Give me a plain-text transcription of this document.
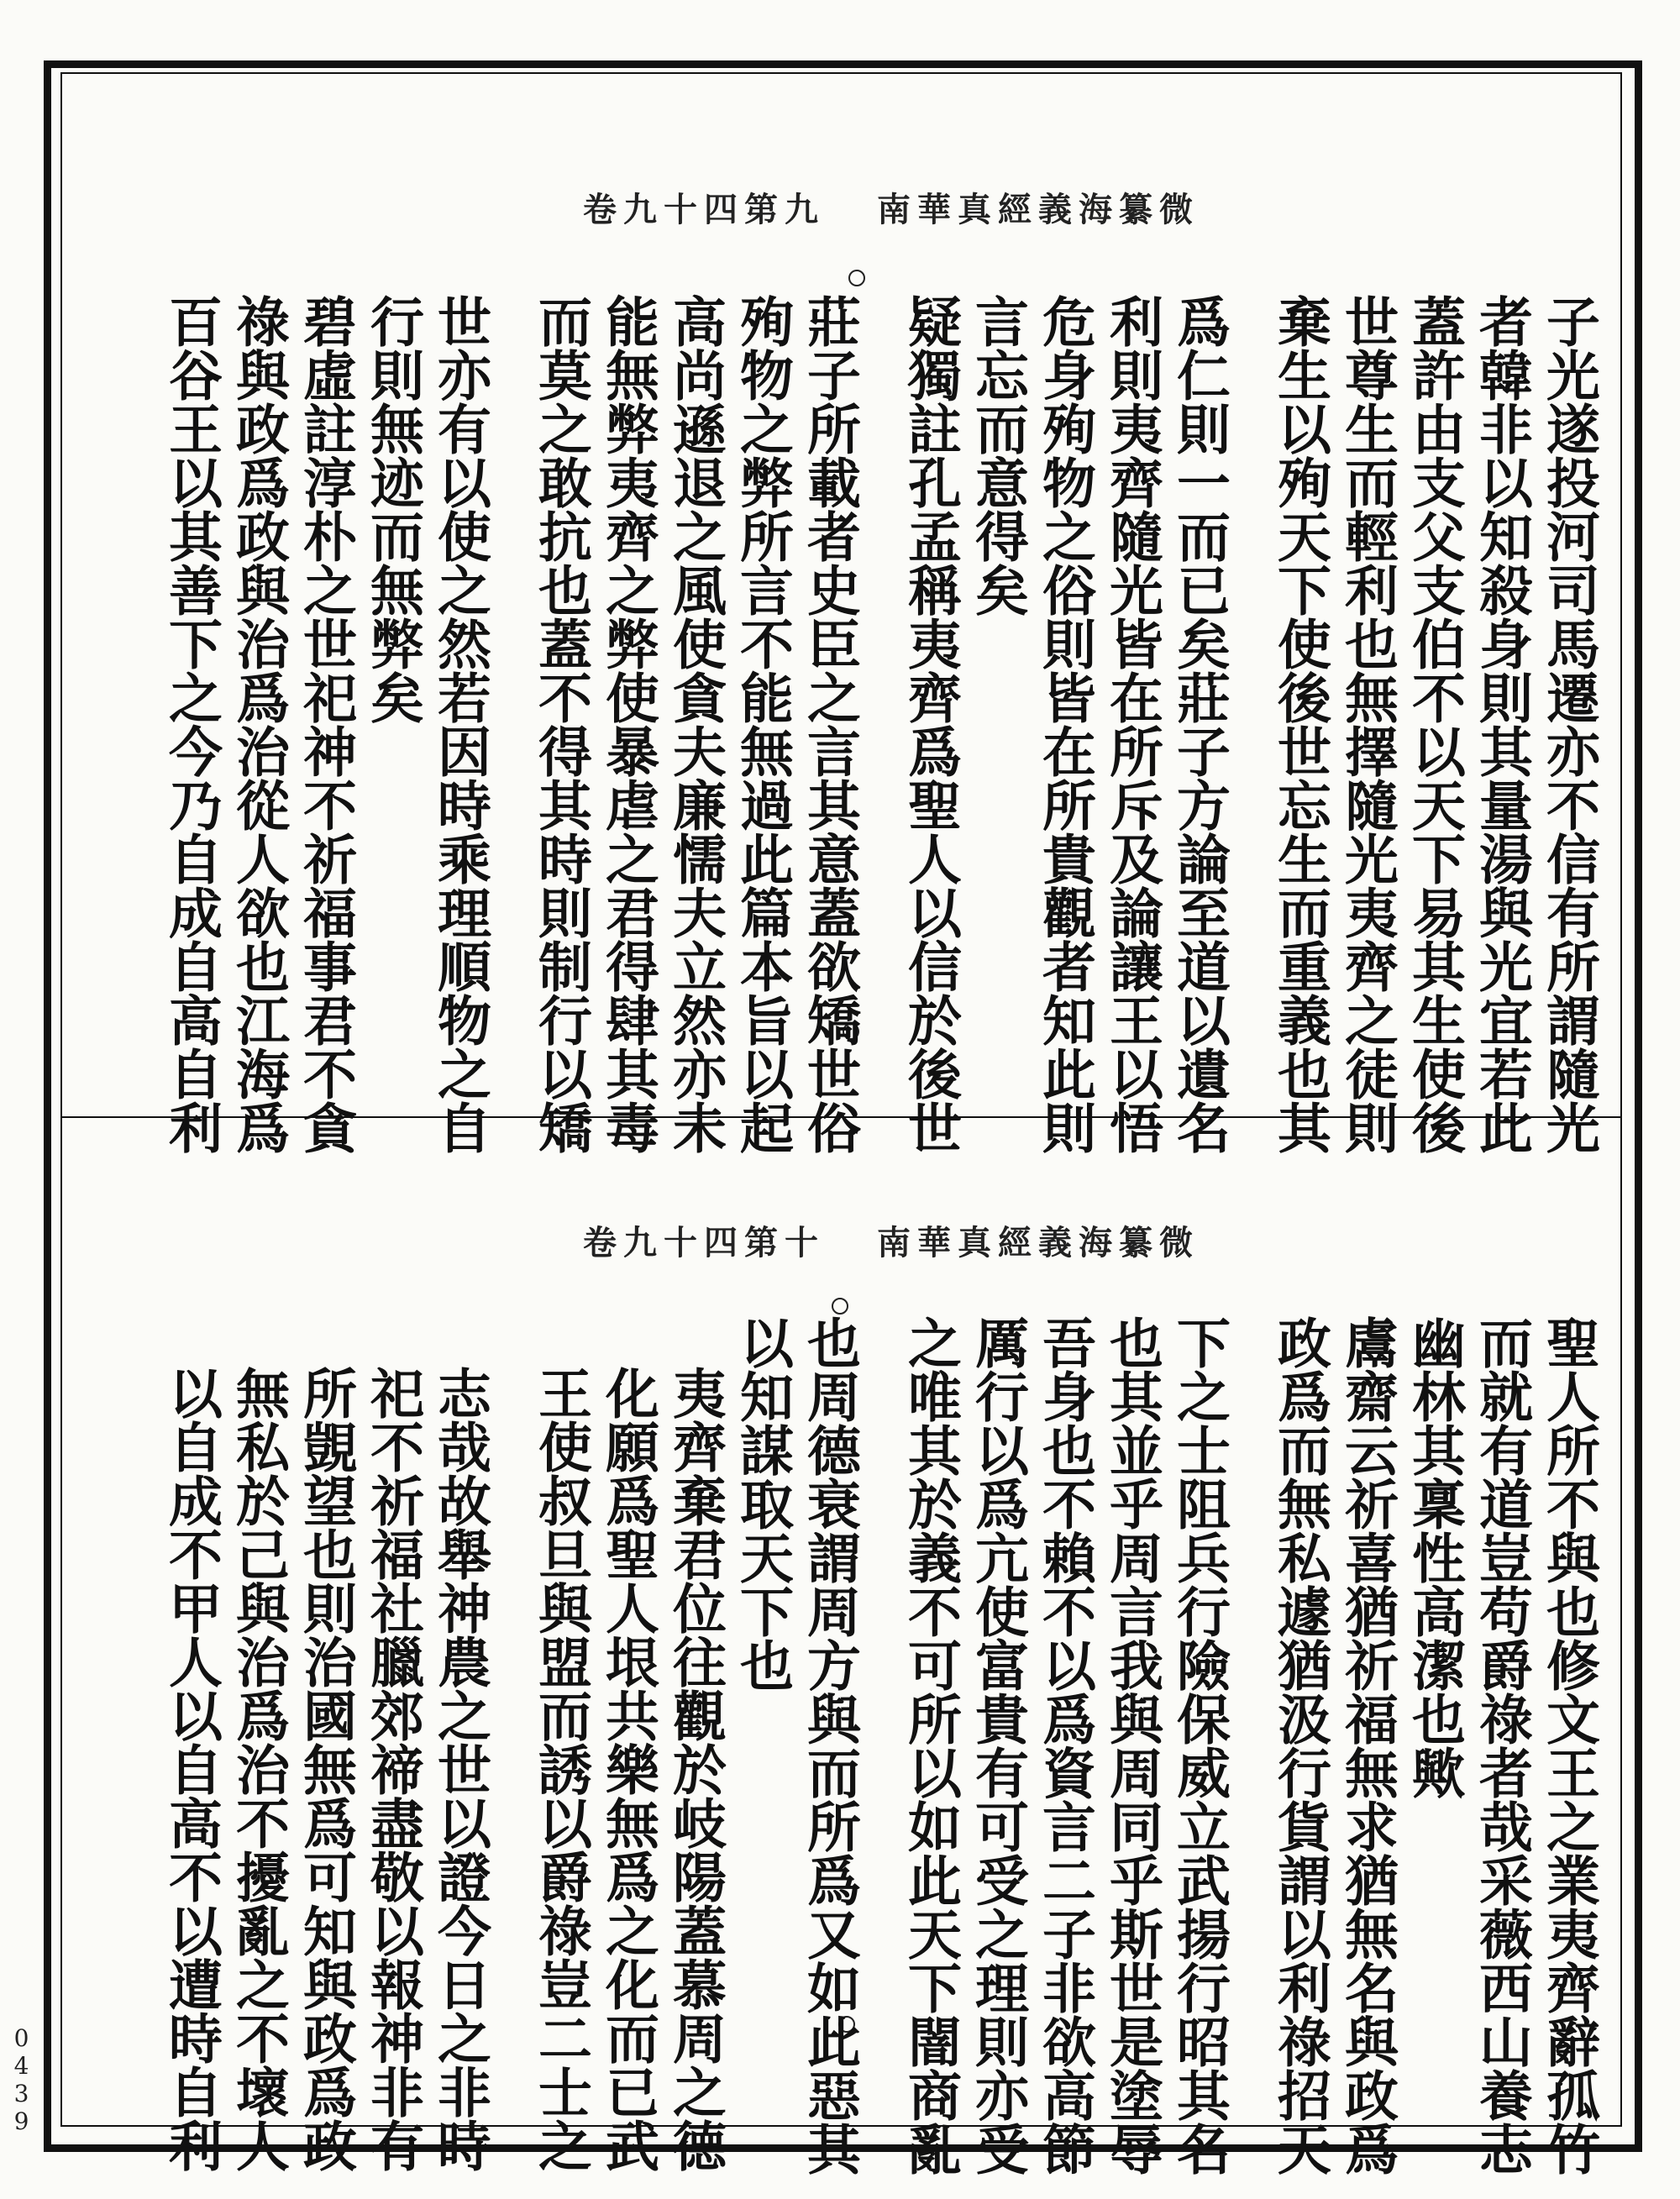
南華真經義海纂微
卷九十四第九
子光遂投河司馬遷亦不信有所謂隨光
者韓非以知殺身則其量湯與光宜若此
蓋許由支父支伯不以天下易其生使後
世尊生而輕利也無擇隨光夷齊之徒則
棄生以殉天下使後世忘生而重義也其
爲仁則一而已矣莊子方論至道以遺名
利則夷齊隨光皆在所斥及論讓王以悟
危身殉物之俗則皆在所貴觀者知此則
言忘而意得矣
疑獨註孔孟稱夷齊爲聖人以信於後世
莊子所載者史臣之言其意蓋欲矯世俗
殉物之弊所言不能無過此篇本旨以起
高尚遜退之風使貪夫廉懦夫立然亦未
能無弊夷齊之弊使暴虐之君得肆其毒
而莫之敢抗也蓋不得其時則制行以矯
世亦有以使之然若因時乘理順物之自
行則無迹而無弊矣
碧虛註淳朴之世祀神不祈福事君不貪
祿與政爲政與治爲治從人欲也江海爲
百谷王以其善下之今乃自成自高自利
南華真經義海纂微
卷九十四第十
聖人所不與也修文王之業夷齊辭孤竹
而就有道豈苟爵祿者哉采薇西山養志
幽林其稟性高潔也歟
鬳齋云祈喜猶祈福無求猶無名與政爲
政爲而無私遽猶汲行貨謂以利祿招天
下之士阻兵行險保威立武揚行昭其名
也其並乎周言我與周同乎斯世是塗辱
吾身也不賴不以爲資言二子非欲高節
厲行以爲亢使富貴有可受之理則亦受
之唯其於義不可所以如此天下闇商亂
也周德衰謂周方與而所爲又如此惡其
以知謀取天下也
夷齊棄君位往觀於岐陽蓋慕周之德
化願爲聖人垠共樂無爲之化而已武
王使叔旦與盟而誘以爵祿豈二士之
志哉故舉神農之世以證今日之非時
祀不祈福社臘郊禘盡敬以報神非有
所覬望也則治國無爲可知與政爲政
無私於己與治爲治不擾亂之不壞人
以自成不甲人以自高不以遭時自利
0439
